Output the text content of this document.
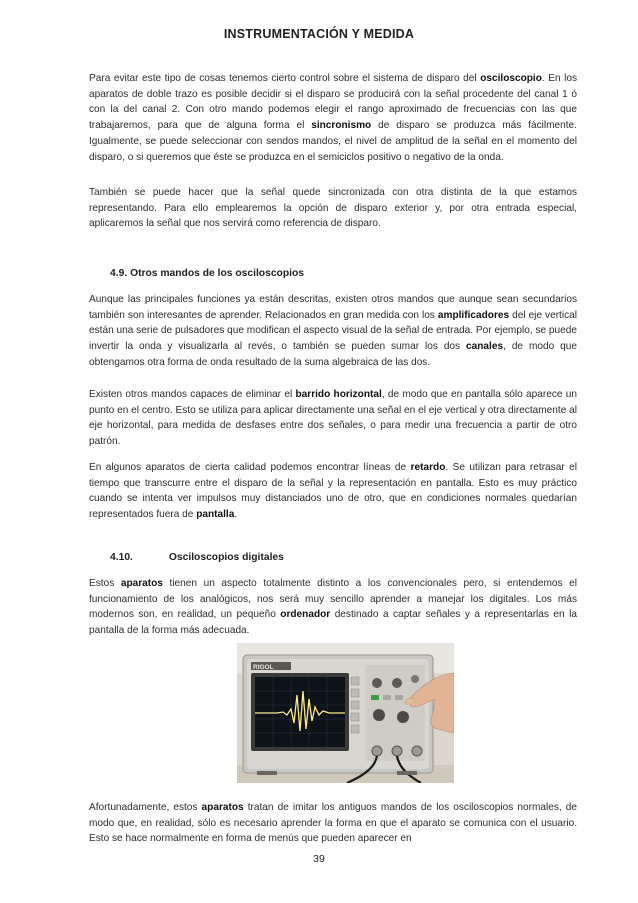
INSTRUMENTACIÓN Y MEDIDA

Para evitar este tipo de cosas tenemos cierto control sobre el sistema de disparo del osciloscopio. En los aparatos de doble trazo es posible decidir si el disparo se producirá con la señal procedente del canal 1 ó con la del canal 2. Con otro mando podemos elegir el rango aproximado de frecuencias con las que trabajaremos, para que de alguna forma el sincronismo de disparo se produzca más fácilmente. Igualmente, se puede seleccionar con sendos mandos, el nivel de amplitud de la señal en el momento del disparo, o si queremos que éste se produzca en el semiciclos positivo o negativo de la onda.

También se puede hacer que la señal quede sincronizada con otra distinta de la que estamos representando. Para ello emplearemos la opción de disparo exterior y, por otra entrada especial, aplicaremos la señal que nos servirá como referencia de disparo.

4.9. Otros mandos de los osciloscopios

Aunque las principales funciones ya están descritas, existen otros mandos que aunque sean secundarios también son interesantes de aprender. Relacionados en gran medida con los amplificadores del eje vertical están una serie de pulsadores que modifican el aspecto visual de la señal de entrada. Por ejemplo, se puede invertir la onda y visualizarla al revés, o también se pueden sumar los dos canales, de modo que obtengamos otra forma de onda resultado de la suma algebraica de las dos.

Existen otros mandos capaces de eliminar el barrido horizontal, de modo que en pantalla sólo aparece un punto en el centro. Esto se utiliza para aplicar directamente una señal en el eje vertical y otra directamente al eje horizontal, para medida de desfases entre dos señales, o para medir una frecuencia a partir de otro patrón.

En algunos aparatos de cierta calidad podemos encontrar líneas de retardo. Se utilizan para retrasar el tiempo que transcurre entre el disparo de la señal y la representación en pantalla. Esto es muy práctico cuando se intenta ver impulsos muy distanciados uno de otro, que en condiciones normales quedarían representados fuera de pantalla.

4.10.	Osciloscopios digitales

Estos aparatos tienen un aspecto totalmente distinto a los convencionales pero, si entendemos el funcionamiento de los analógicos, nos será muy sencillo aprender a manejar los digitales. Los más modernos son, en realidad, un pequeño ordenador destinado a captar señales y a representarlas en la pantalla de la forma más adecuada.

RIGOL

Afortunadamente, estos aparatos tratan de imitar los antiguos mandos de los osciloscopios normales, de modo que, en realidad, sólo es necesario aprender la forma en que el aparato se comunica con el usuario. Esto se hace normalmente en forma de menús que pueden aparecer en

39
